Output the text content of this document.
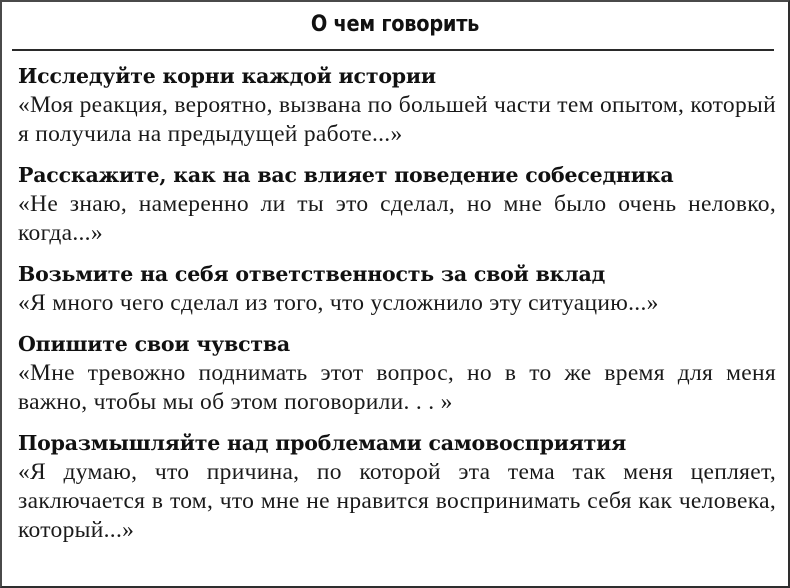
О чем говорить
Исследуйте корни каждой истории
«Моя реакция, вероятно, вызвана по большей части тем опытом, который я получила на предыдущей работе...»
Расскажите, как на вас влияет поведение собеседника
«Не знаю, намеренно ли ты это сделал, но мне было очень неловко, когда...»
Возьмите на себя ответственность за свой вклад
«Я много чего сделал из того, что усложнило эту ситуацию...»
Опишите свои чувства
«Мне тревожно поднимать этот вопрос, но в то же время для меня важно, чтобы мы об этом поговорили. . . »
Поразмышляйте над проблемами самовосприятия
«Я думаю, что причина, по которой эта тема так меня цепляет, заключается в том, что мне не нравится воспринимать себя как человека, который...»
